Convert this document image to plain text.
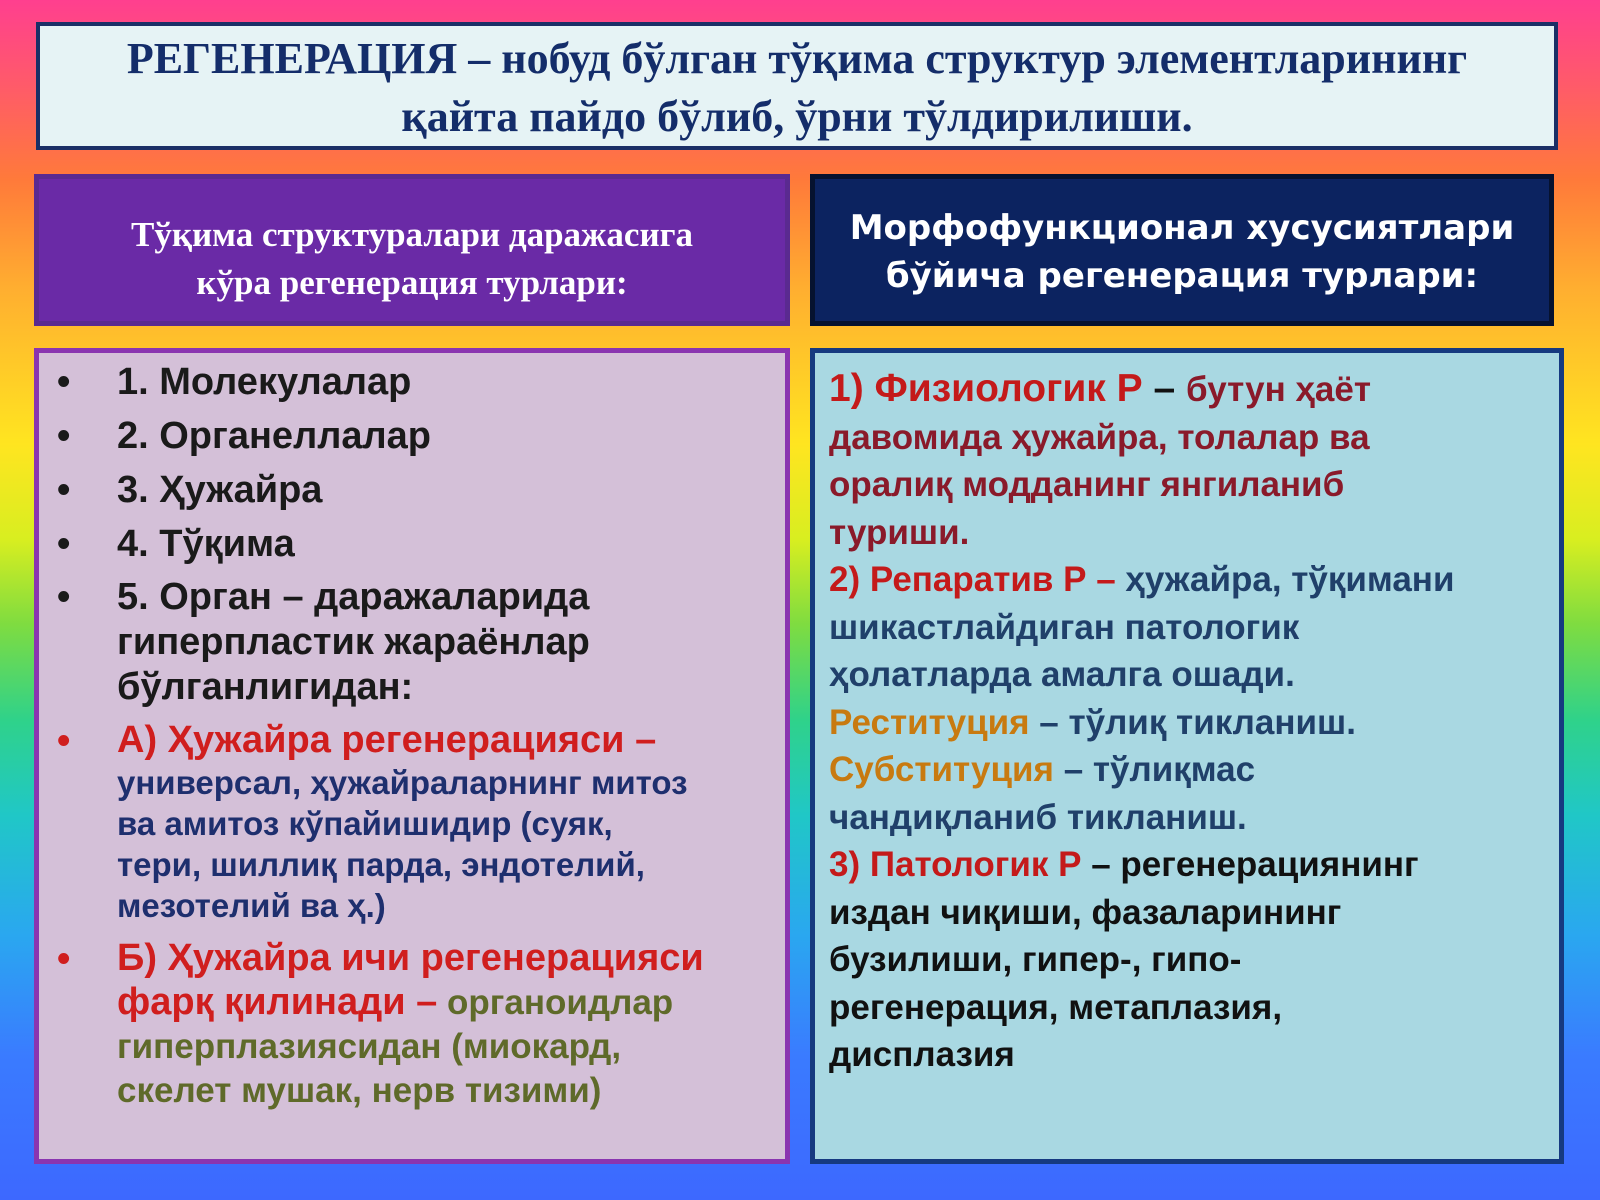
РЕГЕНЕРАЦИЯ – нобуд бўлган тўқима структур элементларининг
қайта пайдо бўлиб, ўрни тўлдирилиши.
Тўқима структуралари даражасига
кўра регенерация турлари:
Морфофункционал хусусиятлари
бўйича регенерация турлари:
•	1. Молекулалар
•	2. Органеллалар
•	3. Ҳужайра
•	4. Тўқима
•	5. Орган – даражаларида
гиперпластик жараёнлар
бўлганлигидан:
•	А) Ҳужайра регенерацияси –
универсал, ҳужайраларнинг митоз
ва амитоз кўпайишидир (суяк,
тери, шиллиқ парда, эндотелий,
мезотелий ва ҳ.)
•	Б) Ҳужайра ичи регенерацияси
фарқ қилинади – органоидлар
гиперплазиясидан (миокард,
скелет мушак, нерв тизими)
1) Физиологик Р – бутун ҳаёт
давомида ҳужайра, толалар ва
оралиқ модданинг янгиланиб
туриши.
2) Репаратив Р – ҳужайра, тўқимани
шикастлайдиган патологик
ҳолатларда амалга ошади.
Реституция – тўлиқ тикланиш.
Субституция – тўлиқмас
чандиқланиб тикланиш.
3) Патологик Р – регенерациянинг
издан чиқиши, фазаларининг
бузилиши, гипер-, гипо-
регенерация, метаплазия,
дисплазия
